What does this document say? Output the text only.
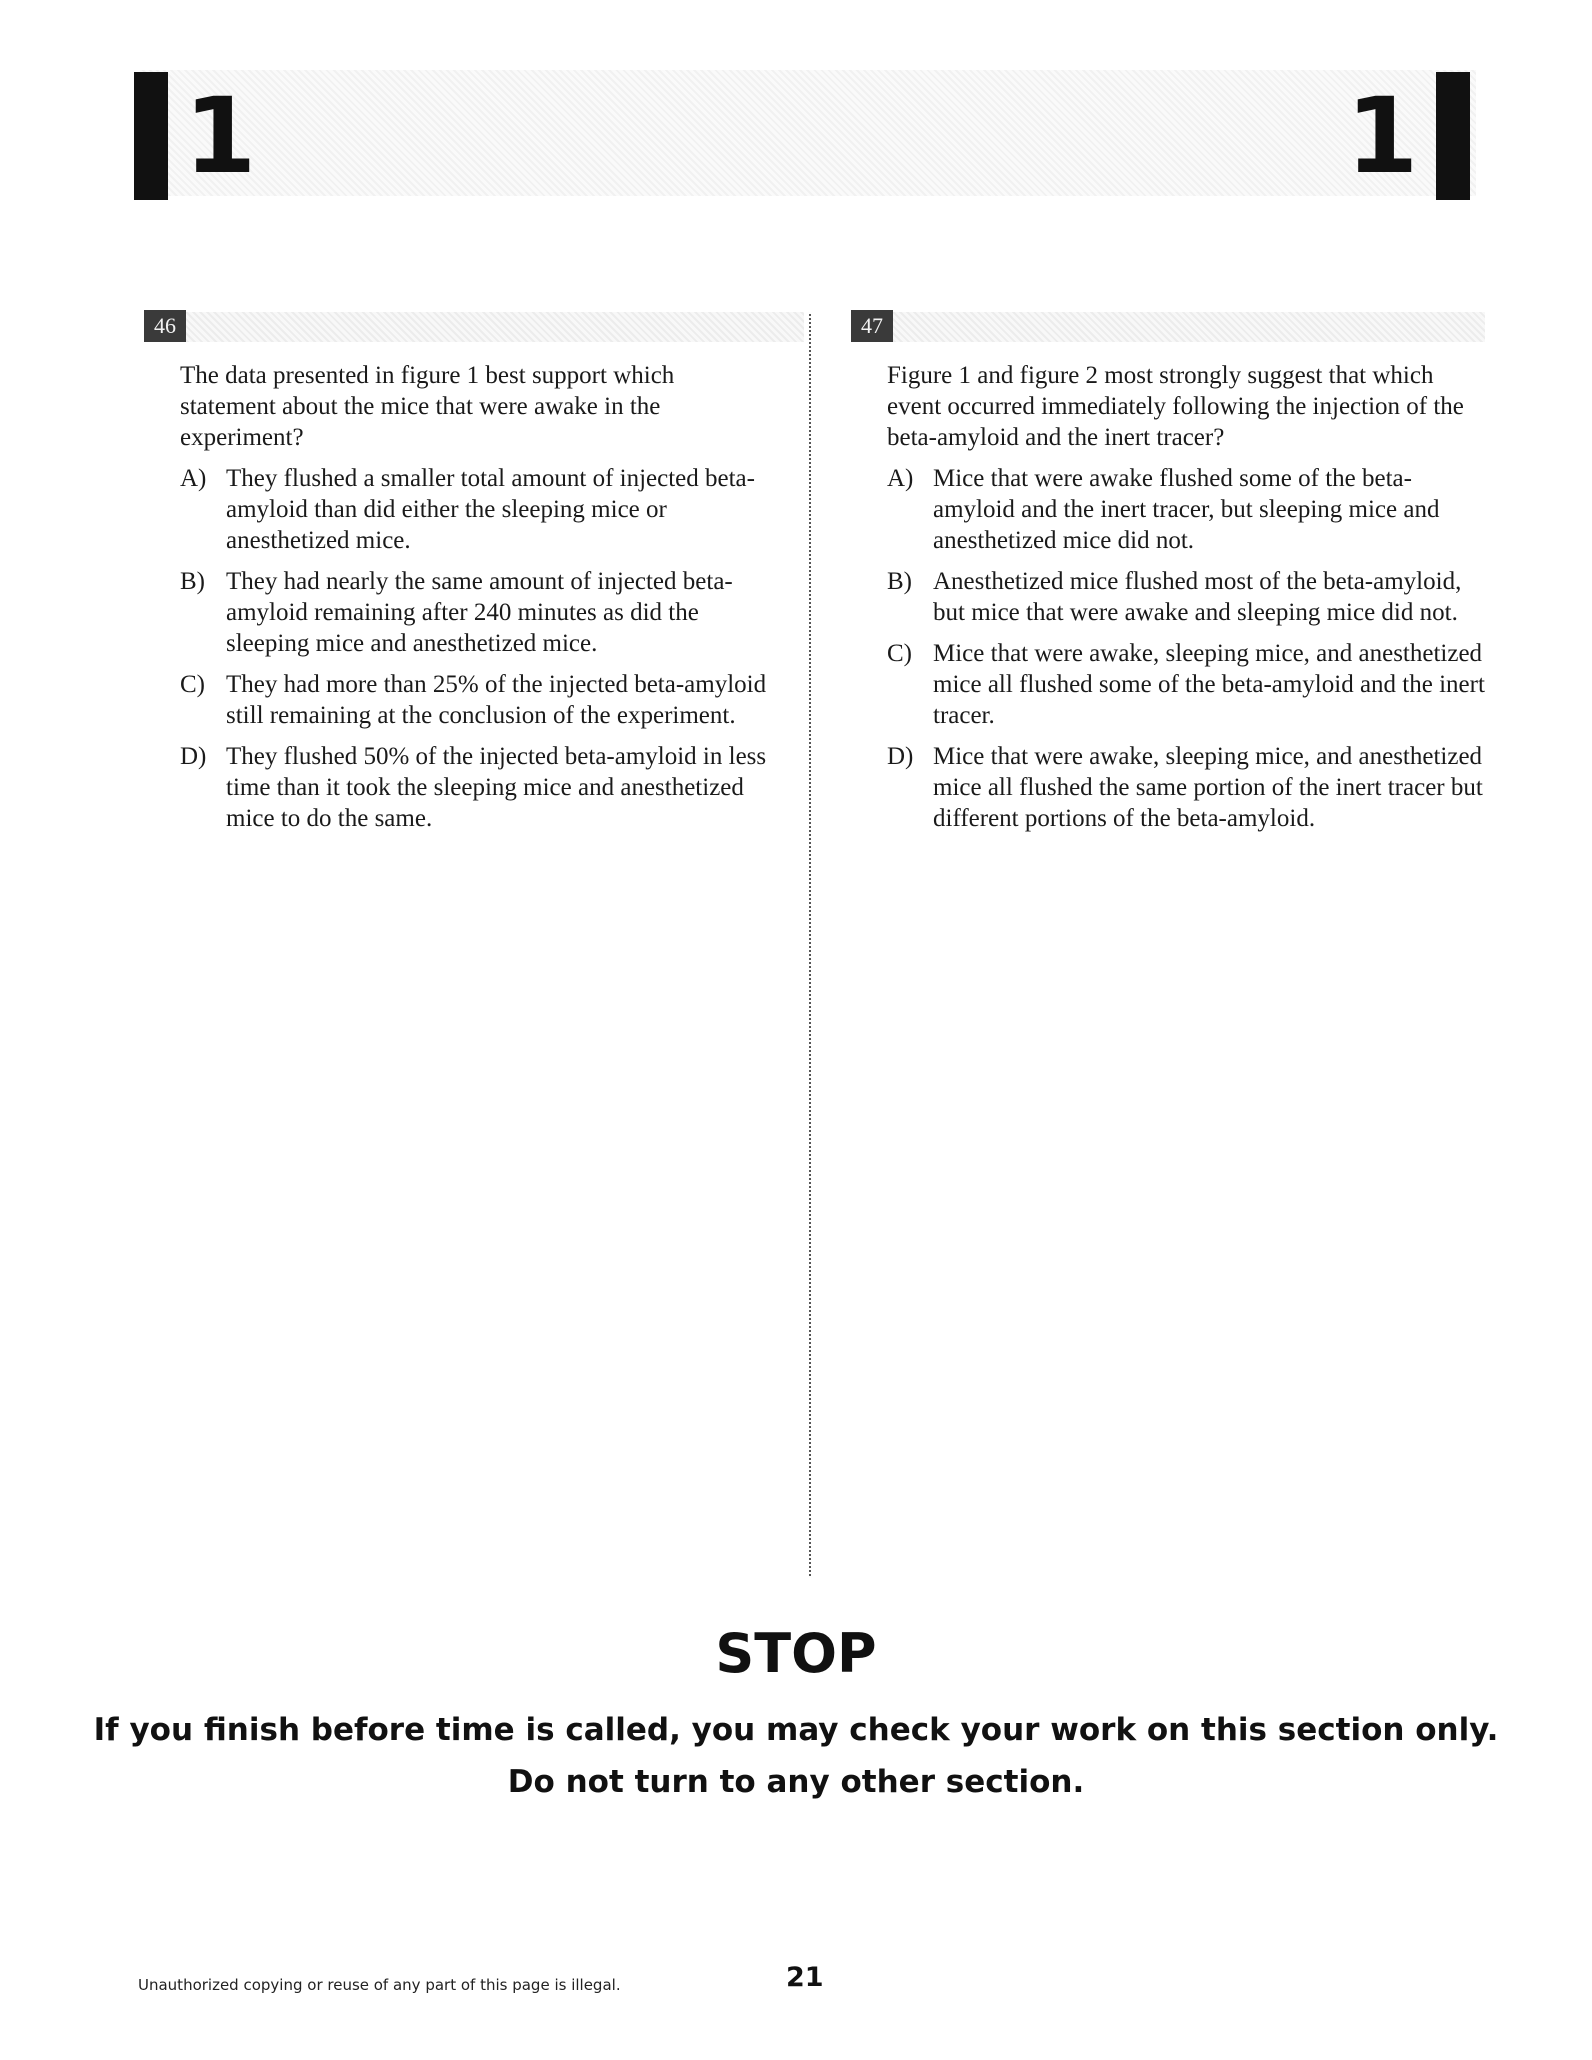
1	1
46
The data presented in figure 1 best support which statement about the mice that were awake in the experiment?
A) They flushed a smaller total amount of injected beta-amyloid than did either the sleeping mice or anesthetized mice.
B) They had nearly the same amount of injected beta-amyloid remaining after 240 minutes as did the sleeping mice and anesthetized mice.
C) They had more than 25% of the injected beta-amyloid still remaining at the conclusion of the experiment.
D) They flushed 50% of the injected beta-amyloid in less time than it took the sleeping mice and anesthetized mice to do the same.
47
Figure 1 and figure 2 most strongly suggest that which event occurred immediately following the injection of the beta-amyloid and the inert tracer?
A) Mice that were awake flushed some of the beta-amyloid and the inert tracer, but sleeping mice and anesthetized mice did not.
B) Anesthetized mice flushed most of the beta-amyloid, but mice that were awake and sleeping mice did not.
C) Mice that were awake, sleeping mice, and anesthetized mice all flushed some of the beta-amyloid and the inert tracer.
D) Mice that were awake, sleeping mice, and anesthetized mice all flushed the same portion of the inert tracer but different portions of the beta-amyloid.
STOP
If you finish before time is called, you may check your work on this section only.
Do not turn to any other section.
Unauthorized copying or reuse of any part of this page is illegal.	21
